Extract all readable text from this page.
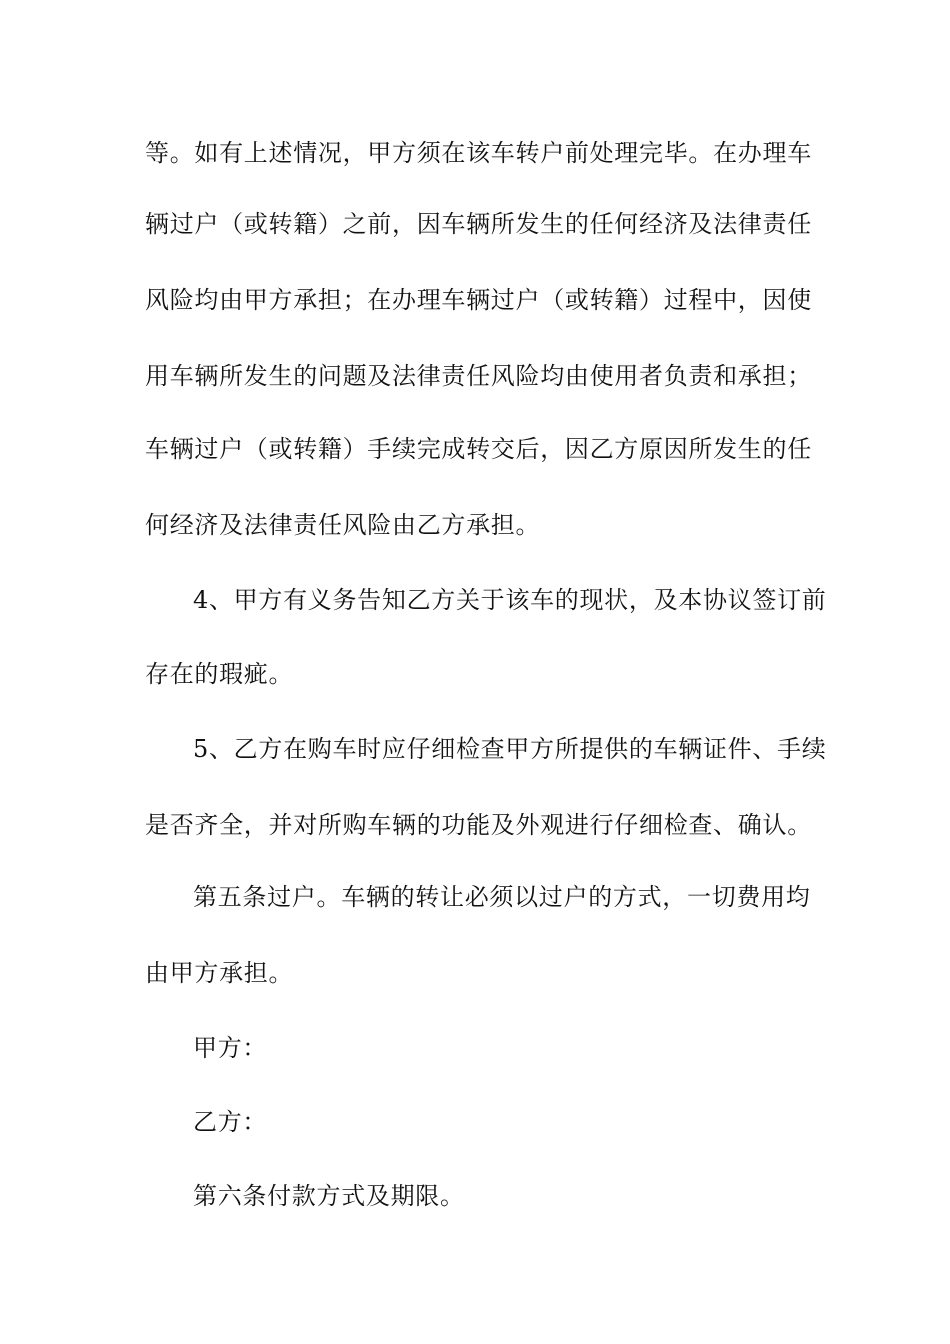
等。如有上述情况，甲方须在该车转户前处理完毕。在办理车
辆过户（或转籍）之前，因车辆所发生的任何经济及法律责任
风险均由甲方承担；在办理车辆过户（或转籍）过程中，因使
用车辆所发生的问题及法律责任风险均由使用者负责和承担；
车辆过户（或转籍）手续完成转交后，因乙方原因所发生的任
何经济及法律责任风险由乙方承担。
4、甲方有义务告知乙方关于该车的现状，及本协议签订前
存在的瑕疵。
5、乙方在购车时应仔细检查甲方所提供的车辆证件、手续
是否齐全，并对所购车辆的功能及外观进行仔细检查、确认。
第五条过户。车辆的转让必须以过户的方式，一切费用均
由甲方承担。
甲方：
乙方：
第六条付款方式及期限。
